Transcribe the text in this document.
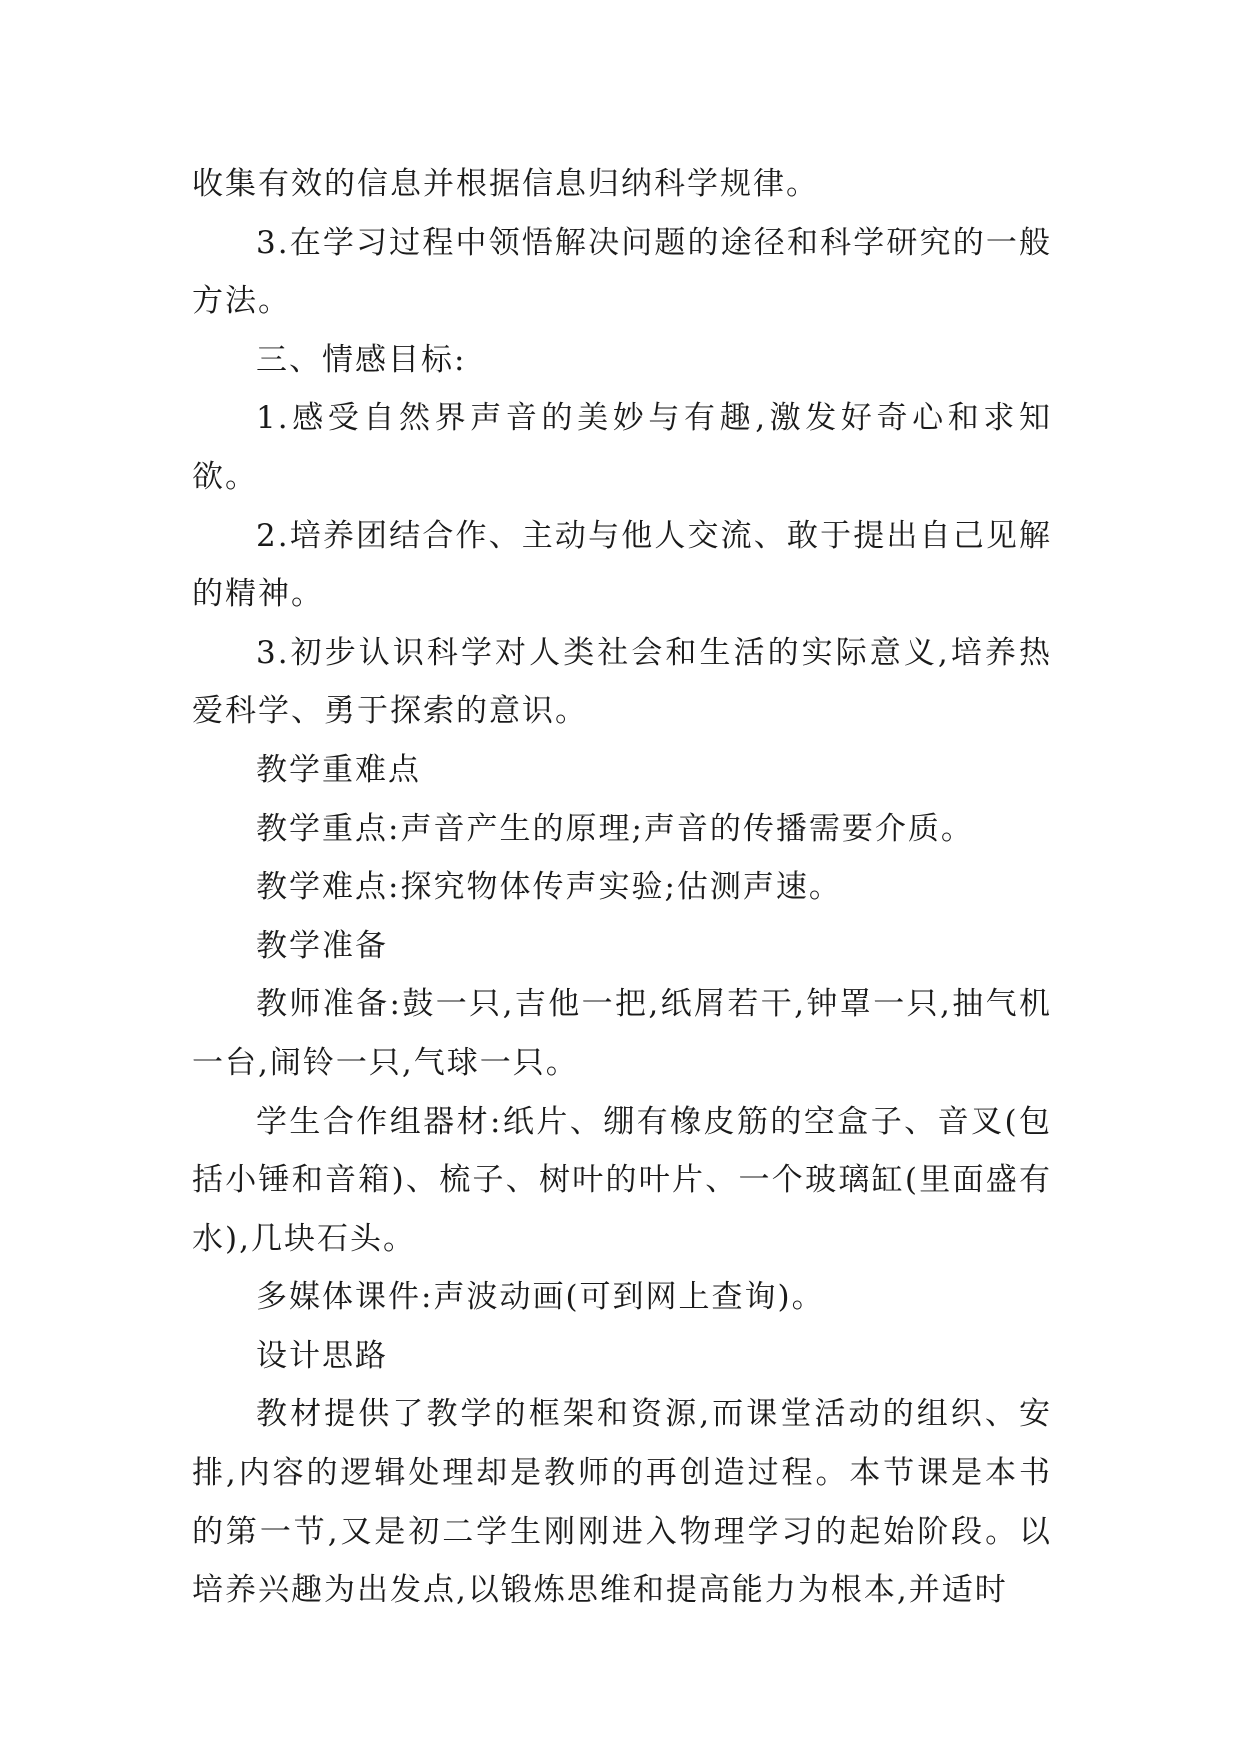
收集有效的信息并根据信息归纳科学规律。

3.在学习过程中领悟解决问题的途径和科学研究的一般方法。

三、情感目标:

1.感受自然界声音的美妙与有趣,激发好奇心和求知欲。

2.培养团结合作、主动与他人交流、敢于提出自己见解的精神。

3.初步认识科学对人类社会和生活的实际意义,培养热爱科学、勇于探索的意识。

教学重难点

教学重点:声音产生的原理;声音的传播需要介质。

教学难点:探究物体传声实验;估测声速。

教学准备

教师准备:鼓一只,吉他一把,纸屑若干,钟罩一只,抽气机一台,闹铃一只,气球一只。

学生合作组器材:纸片、绷有橡皮筋的空盒子、音叉(包括小锤和音箱)、梳子、树叶的叶片、一个玻璃缸(里面盛有水),几块石头。

多媒体课件:声波动画(可到网上查询)。

设计思路

教材提供了教学的框架和资源,而课堂活动的组织、安排,内容的逻辑处理却是教师的再创造过程。本节课是本书的第一节,又是初二学生刚刚进入物理学习的起始阶段。以培养兴趣为出发点,以锻炼思维和提高能力为根本,并适时
